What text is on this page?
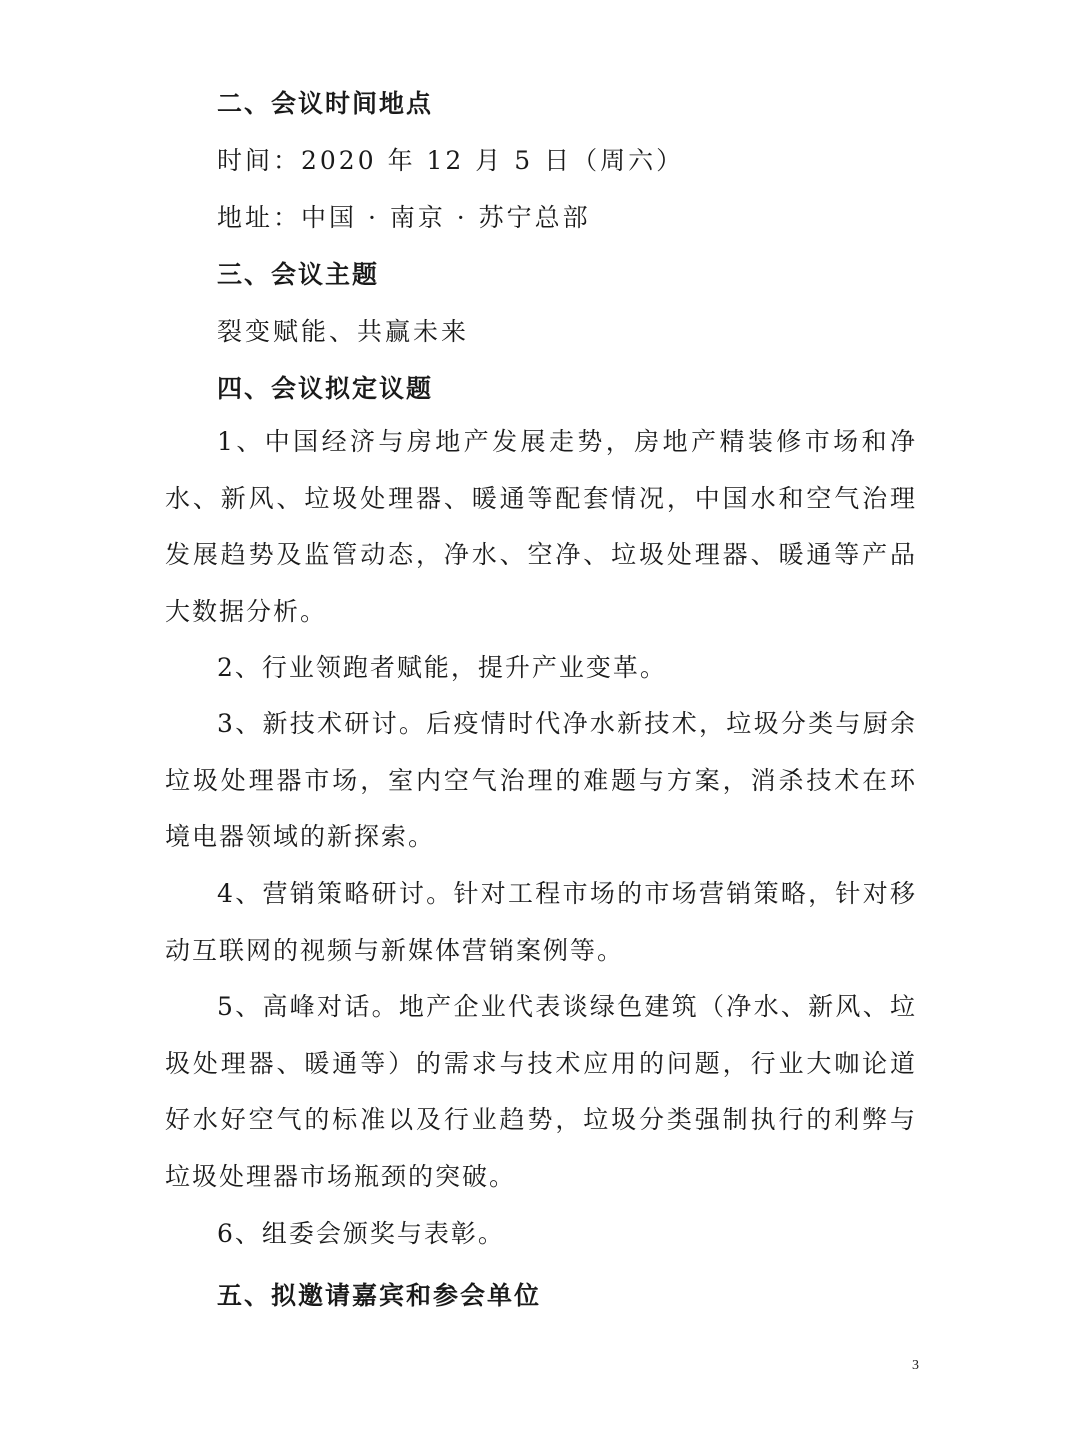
二、会议时间地点
时间：2020 年 12 月 5 日（周六）
地址：中国 · 南京 · 苏宁总部
三、会议主题
裂变赋能、共赢未来
四、会议拟定议题

1、中国经济与房地产发展走势，房地产精装修市场和净水、新风、垃圾处理器、暖通等配套情况，中国水和空气治理发展趋势及监管动态，净水、空净、垃圾处理器、暖通等产品大数据分析。

2、行业领跑者赋能，提升产业变革。

3、新技术研讨。后疫情时代净水新技术，垃圾分类与厨余垃圾处理器市场，室内空气治理的难题与方案，消杀技术在环境电器领域的新探索。

4、营销策略研讨。针对工程市场的市场营销策略，针对移动互联网的视频与新媒体营销案例等。

5、高峰对话。地产企业代表谈绿色建筑（净水、新风、垃圾处理器、暖通等）的需求与技术应用的问题，行业大咖论道好水好空气的标准以及行业趋势，垃圾分类强制执行的利弊与垃圾处理器市场瓶颈的突破。

6、组委会颁奖与表彰。

五、拟邀请嘉宾和参会单位
3
